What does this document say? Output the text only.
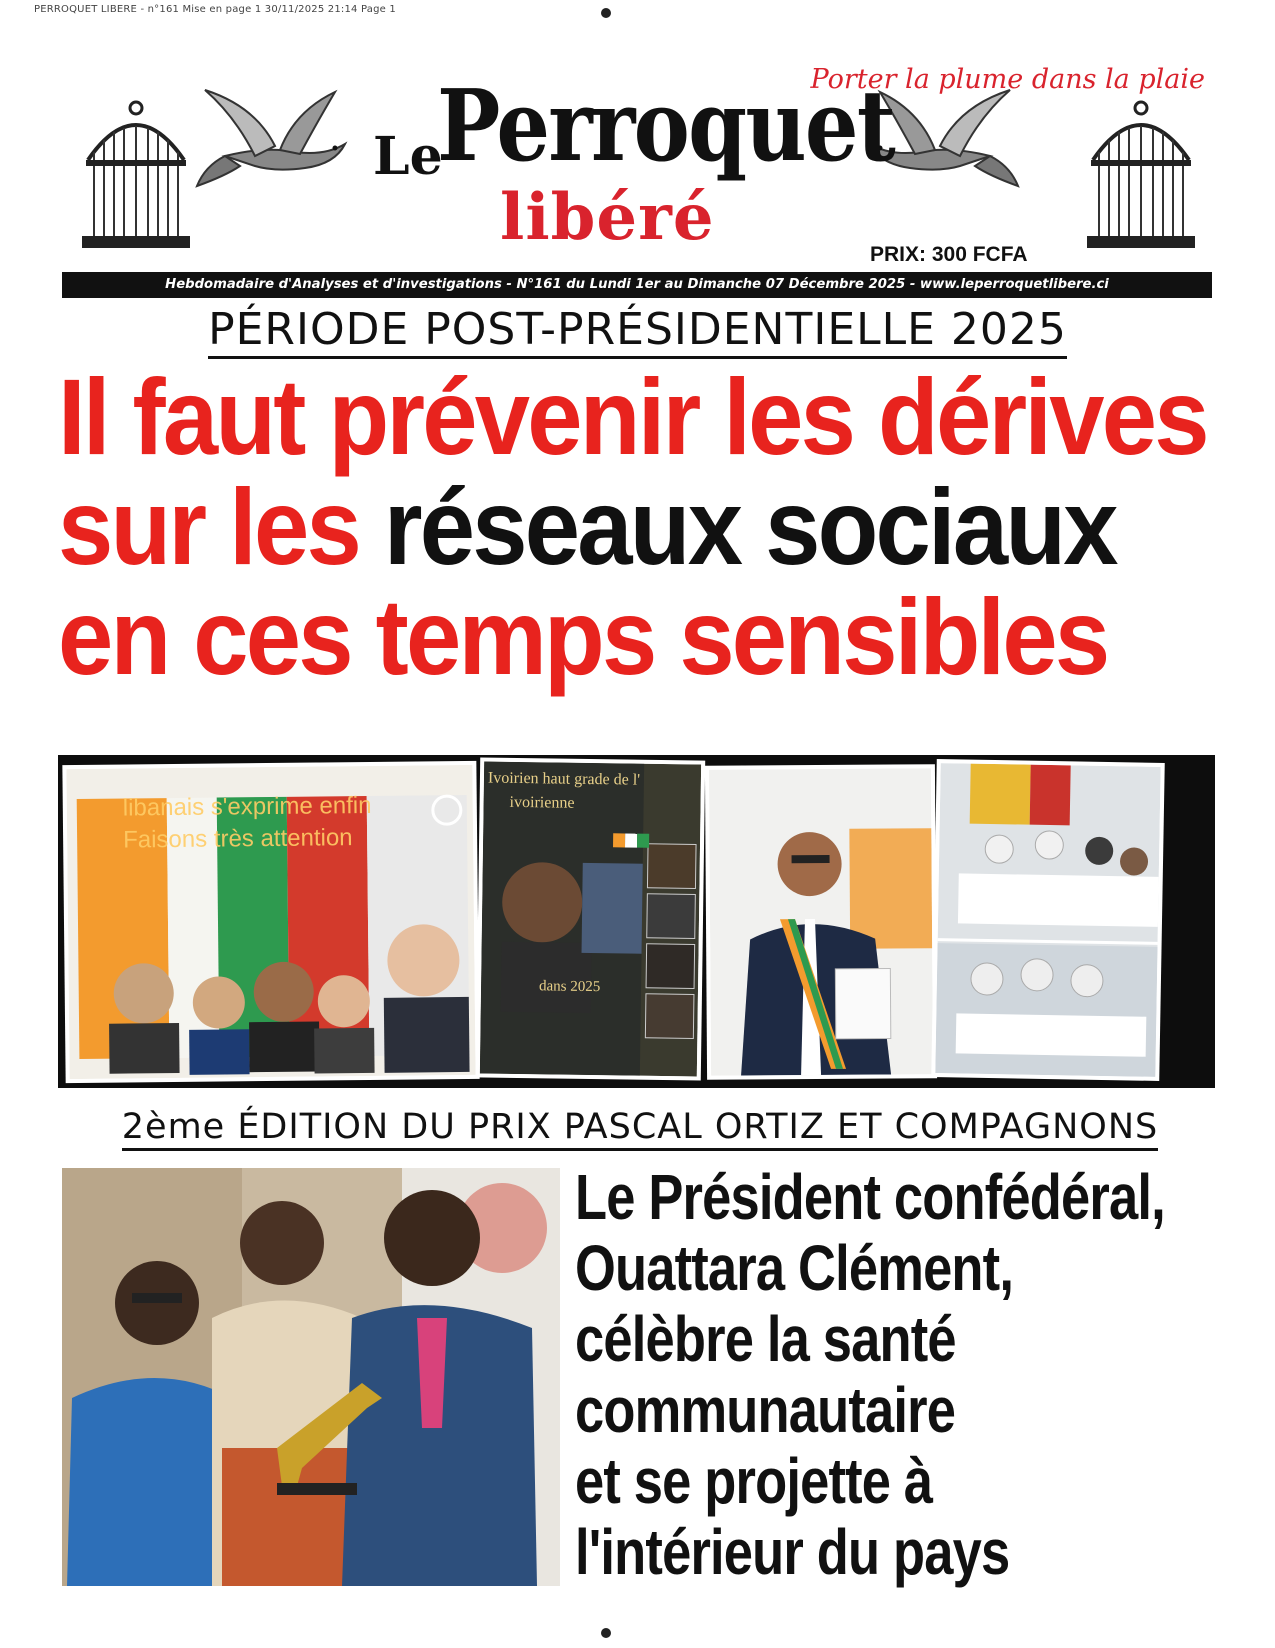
PERROQUET LIBERE - n°161 Mise en page 1 30/11/2025 21:14 Page 1
Porter la plume dans la plaie
Le
Perroquet
libéré	PRIX: 300 FCFA
Hebdomadaire d'Analyses et d'investigations - N°161 du Lundi 1er au Dimanche 07 Décembre 2025 - www.leperroquetlibere.ci
PÉRIODE POST-PRÉSIDENTIELLE 2025
Il faut prévenir les dérives
sur les réseaux sociaux
en ces temps sensibles
libanais s'exprime enfin
Faisons très attention
Ivoirien haut grade de l'
ivoirienne
dans 2025
2ème ÉDITION DU PRIX PASCAL ORTIZ ET COMPAGNONS
Le Président confédéral,
Ouattara Clément,
célèbre la santé
communautaire
et se projette à
l'intérieur du pays
